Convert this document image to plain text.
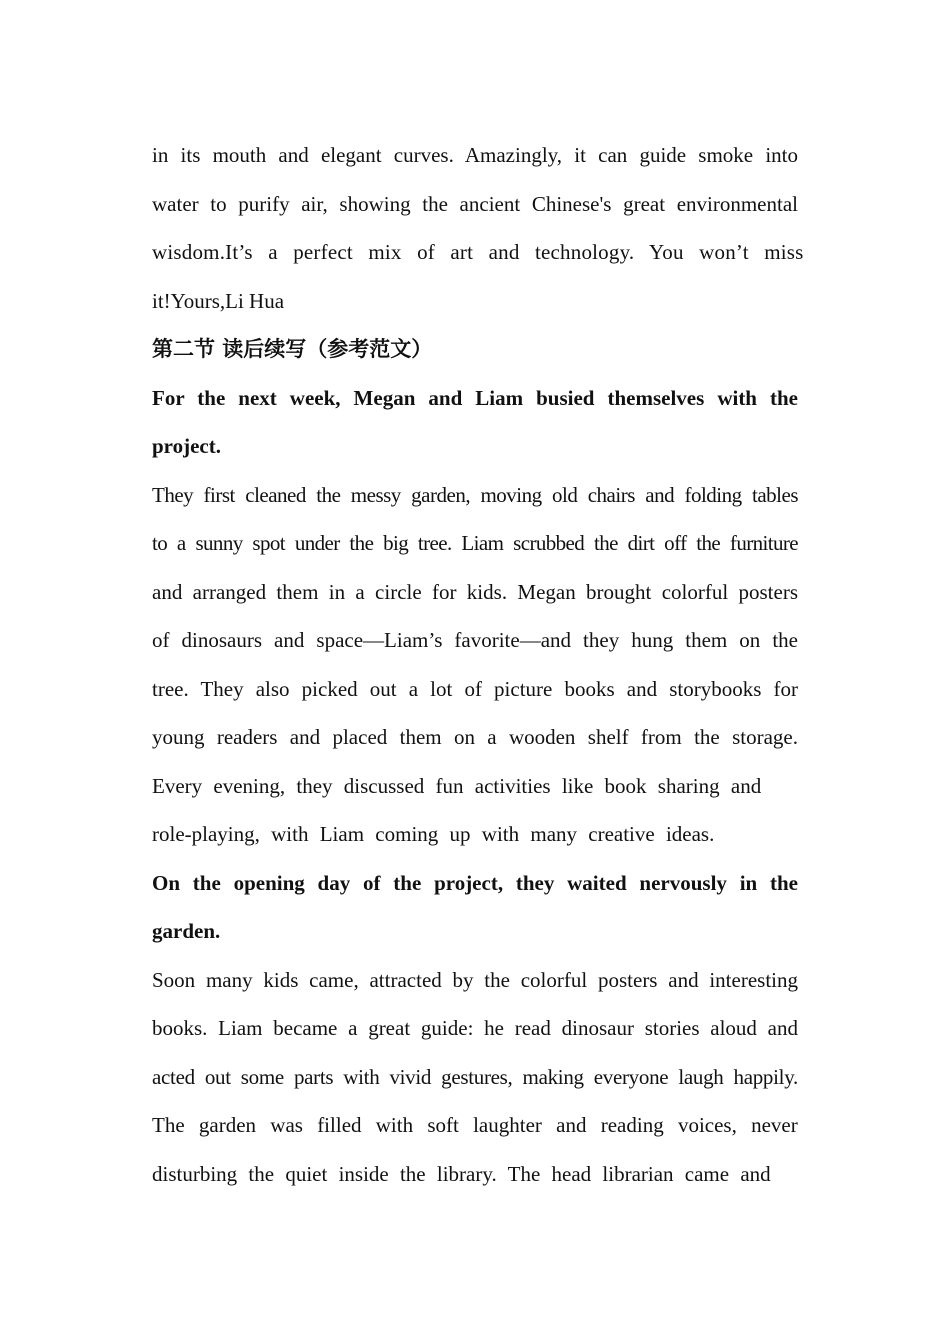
in its mouth and elegant curves. Amazingly, it can guide smoke into
water to purify air, showing the ancient Chinese's great environmental
wisdom.It’s a perfect mix of art and technology. You won’t miss
it!Yours,Li Hua
第二节 读后续写（参考范文）
For the next week, Megan and Liam busied themselves with the
project.
They first cleaned the messy garden, moving old chairs and folding tables
to a sunny spot under the big tree. Liam scrubbed the dirt off the furniture
and arranged them in a circle for kids. Megan brought colorful posters
of dinosaurs and space—Liam’s favorite—and they hung them on the
tree. They also picked out a lot of picture books and storybooks for
young readers and placed them on a wooden shelf from the storage.
Every evening, they discussed fun activities like book sharing and
role-playing, with Liam coming up with many creative ideas.
On the opening day of the project, they waited nervously in the
garden.
Soon many kids came, attracted by the colorful posters and interesting
books. Liam became a great guide: he read dinosaur stories aloud and
acted out some parts with vivid gestures, making everyone laugh happily.
The garden was filled with soft laughter and reading voices, never
disturbing the quiet inside the library. The head librarian came and
